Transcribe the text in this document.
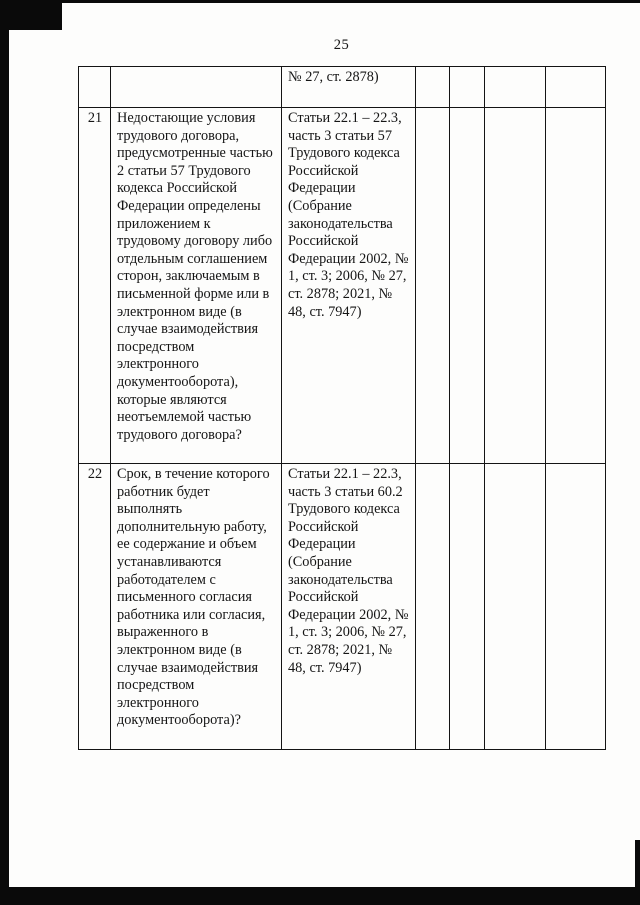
25
		№ 27, ст. 2878)				
21	Недостающие условия трудового договора, предусмотренные частью 2 статьи 57 Трудового кодекса Российской Федерации определены приложением к трудовому договору либо отдельным соглашением сторон, заключаемым в письменной форме или в электронном виде (в случае взаимодействия посредством электронного документооборота), которые являются неотъемлемой частью трудового договора?	Статьи 22.1 – 22.3, часть 3 статьи 57 Трудового кодекса Российской Федерации (Собрание законодательства Российской Федерации 2002, № 1, ст. 3; 2006, № 27, ст. 2878; 2021, № 48, ст. 7947)				
22	Срок, в течение которого работник будет выполнять дополнительную работу, ее содержание и объем устанавливаются работодателем с письменного согласия работника или согласия, выраженного в электронном виде (в случае взаимодействия посредством электронного документооборота)?	Статьи 22.1 – 22.3, часть 3 статьи 60.2 Трудового кодекса Российской Федерации (Собрание законодательства Российской Федерации 2002, № 1, ст. 3; 2006, № 27, ст. 2878; 2021, № 48, ст. 7947)				
